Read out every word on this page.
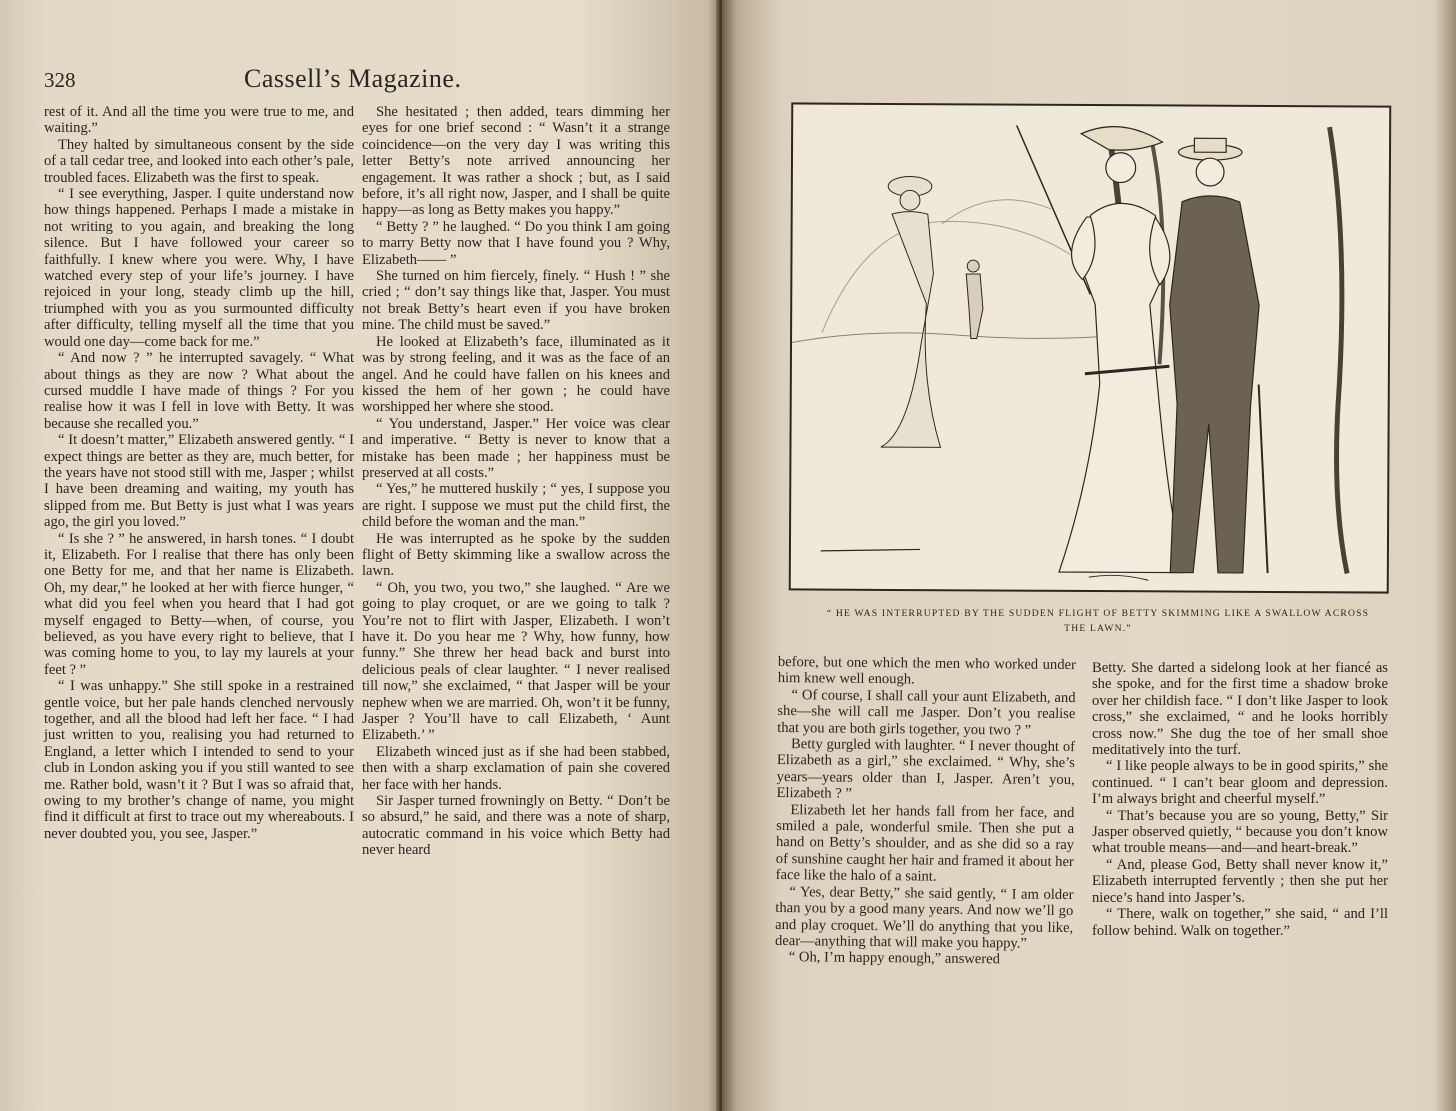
328	Cassell’s Magazine.

rest of it. And all the time you were true to me, and waiting.”

They halted by simultaneous consent by the side of a tall cedar tree, and looked into each other’s pale, troubled faces. Elizabeth was the first to speak.

“ I see everything, Jasper. I quite understand now how things happened. Perhaps I made a mistake in not writing to you again, and breaking the long silence. But I have followed your career so faithfully. I knew where you were. Why, I have watched every step of your life’s journey. I have rejoiced in your long, steady climb up the hill, triumphed with you as you surmounted difficulty after difficulty, telling myself all the time that you would one day—come back for me.”

“ And now ? ” he interrupted savagely. “ What about things as they are now ? What about the cursed muddle I have made of things ? For you realise how it was I fell in love with Betty. It was because she recalled you.”

“ It doesn’t matter,” Elizabeth answered gently. “ I expect things are better as they are, much better, for the years have not stood still with me, Jasper ; whilst I have been dreaming and waiting, my youth has slipped from me. But Betty is just what I was years ago, the girl you loved.”

“ Is she ? ” he answered, in harsh tones. “ I doubt it, Elizabeth. For I realise that there has only been one Betty for me, and that her name is Elizabeth. Oh, my dear,” he looked at her with fierce hunger, “ what did you feel when you heard that I had got myself engaged to Betty—when, of course, you believed, as you have every right to believe, that I was coming home to you, to lay my laurels at your feet ? ”

“ I was unhappy.” She still spoke in a restrained gentle voice, but her pale hands clenched nervously together, and all the blood had left her face. “ I had just written to you, realising you had returned to England, a letter which I intended to send to your club in London asking you if you still wanted to see me. Rather bold, wasn’t it ? But I was so afraid that, owing to my brother’s change of name, you might find it difficult at first to trace out my whereabouts. I never doubted you, you see, Jasper.”

She hesitated ; then added, tears dimming her eyes for one brief second : “ Wasn’t it a strange coincidence—on the very day I was writing this letter Betty’s note arrived announcing her engagement. It was rather a shock ; but, as I said before, it’s all right now, Jasper, and I shall be quite happy—as long as Betty makes you happy.”

“ Betty ? ” he laughed. “ Do you think I am going to marry Betty now that I have found you ? Why, Elizabeth—— ”

She turned on him fiercely, finely. “ Hush ! ” she cried ; “ don’t say things like that, Jasper. You must not break Betty’s heart even if you have broken mine. The child must be saved.”

He looked at Elizabeth’s face, illuminated as it was by strong feeling, and it was as the face of an angel. And he could have fallen on his knees and kissed the hem of her gown ; he could have worshipped her where she stood.

“ You understand, Jasper.” Her voice was clear and imperative. “ Betty is never to know that a mistake has been made ; her happiness must be preserved at all costs.”

“ Yes,” he muttered huskily ; “ yes, I suppose you are right. I suppose we must put the child first, the child before the woman and the man.”

He was interrupted as he spoke by the sudden flight of Betty skimming like a swallow across the lawn.

“ Oh, you two, you two,” she laughed. “ Are we going to play croquet, or are we going to talk ? You’re not to flirt with Jasper, Elizabeth. I won’t have it. Do you hear me ? Why, how funny, how funny.” She threw her head back and burst into delicious peals of clear laughter. “ I never realised till now,” she exclaimed, “ that Jasper will be your nephew when we are married. Oh, won’t it be funny, Jasper ? You’ll have to call Elizabeth, ‘ Aunt Elizabeth.’ ”

Elizabeth winced just as if she had been stabbed, then with a sharp exclamation of pain she covered her face with her hands.

Sir Jasper turned frowningly on Betty. “ Don’t be so absurd,” he said, and there was a note of sharp, autocratic command in his voice which Betty had never heard

“ HE WAS INTERRUPTED BY THE SUDDEN FLIGHT OF BETTY SKIMMING LIKE A SWALLOW ACROSS THE LAWN.”

before, but one which the men who worked under him knew well enough.

“ Of course, I shall call your aunt Elizabeth, and she—she will call me Jasper. Don’t you realise that you are both girls together, you two ? ”

Betty gurgled with laughter. “ I never thought of Elizabeth as a girl,” she exclaimed. “ Why, she’s years—years older than I, Jasper. Aren’t you, Elizabeth ? ”

Elizabeth let her hands fall from her face, and smiled a pale, wonderful smile. Then she put a hand on Betty’s shoulder, and as she did so a ray of sunshine caught her hair and framed it about her face like the halo of a saint.

“ Yes, dear Betty,” she said gently, “ I am older than you by a good many years. And now we’ll go and play croquet. We’ll do anything that you like, dear—anything that will make you happy.”

“ Oh, I’m happy enough,” answered

Betty. She darted a sidelong look at her fiancé as she spoke, and for the first time a shadow broke over her childish face. “ I don’t like Jasper to look cross,” she exclaimed, “ and he looks horribly cross now.” She dug the toe of her small shoe meditatively into the turf.

“ I like people always to be in good spirits,” she continued. “ I can’t bear gloom and depression. I’m always bright and cheerful myself.”

“ That’s because you are so young, Betty,” Sir Jasper observed quietly, “ because you don’t know what trouble means—and—and heart-break.”

“ And, please God, Betty shall never know it,” Elizabeth interrupted fervently ; then she put her niece’s hand into Jasper’s.

“ There, walk on together,” she said, “ and I’ll follow behind. Walk on together.”
